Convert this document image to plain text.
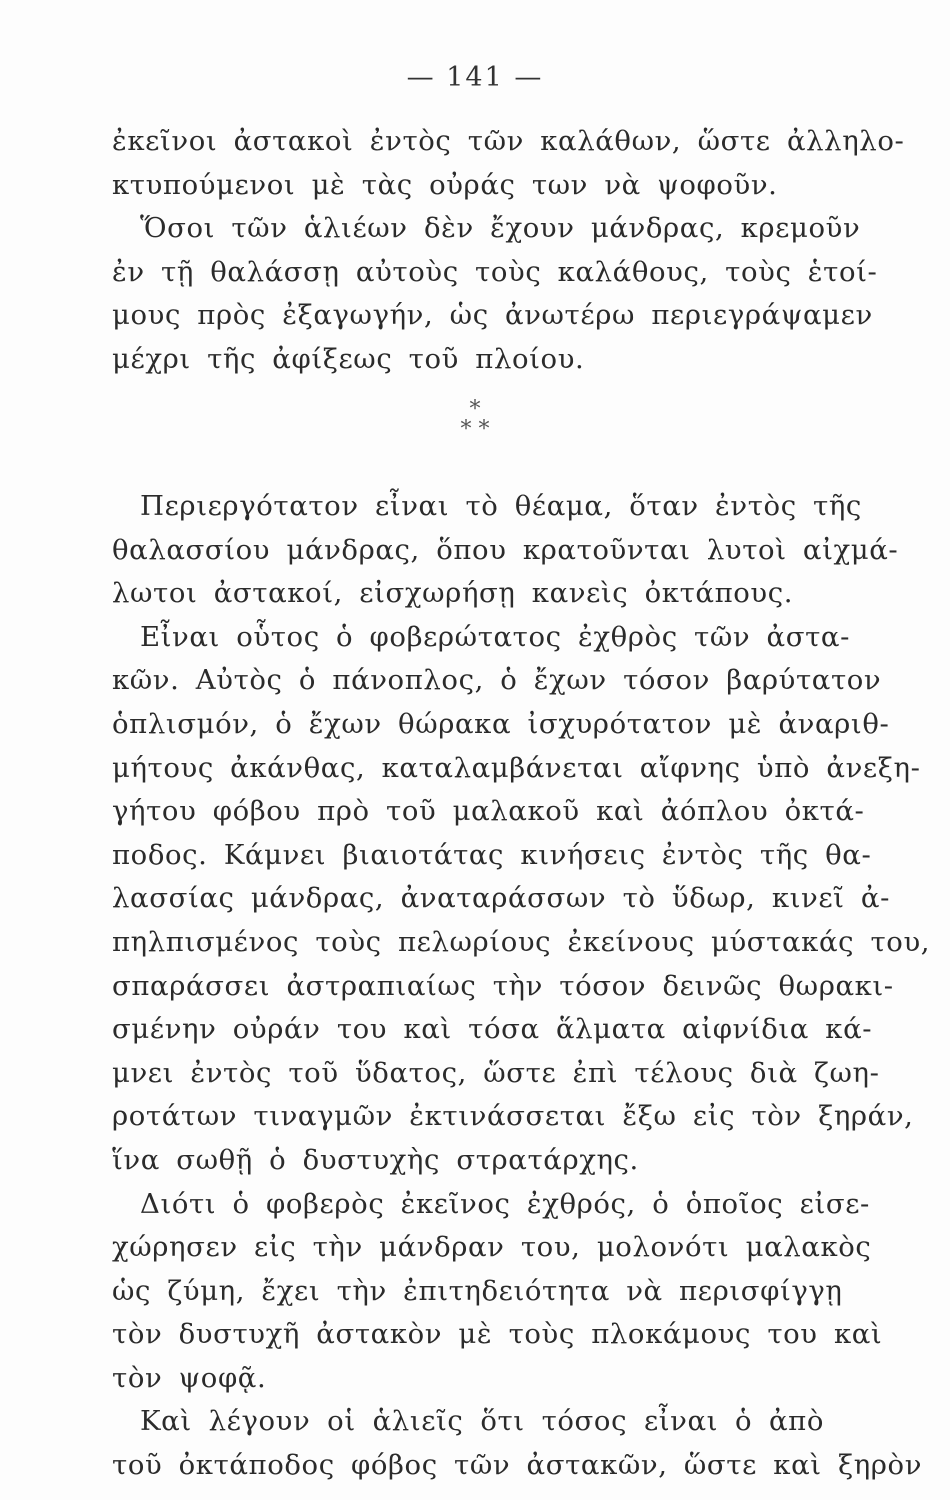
— 141 —
ἐκεῖνοι ἀστακοὶ ἐντὸς τῶν καλάθων, ὥστε ἀλληλο-
κτυπούμενοι μὲ τὰς οὐράς των νὰ ψοφοῦν.
Ὅσοι τῶν ἁλιέων δὲν ἔχουν μάνδρας, κρεμοῦν
ἐν τῇ θαλάσσῃ αὐτοὺς τοὺς καλάθους, τοὺς ἑτοί-
μους πρὸς ἐξαγωγήν, ὡς ἀνωτέρω περιεγράψαμεν
μέχρι τῆς ἀφίξεως τοῦ πλοίου.
*
* *
Περιεργότατον εἶναι τὸ θέαμα, ὅταν ἐντὸς τῆς
θαλασσίου μάνδρας, ὅπου κρατοῦνται λυτοὶ αἰχμά-
λωτοι ἀστακοί, εἰσχωρήσῃ κανεὶς ὀκτάπους.
Εἶναι οὗτος ὁ φοβερώτατος ἐχθρὸς τῶν ἀστα-
κῶν. Αὐτὸς ὁ πάνοπλος, ὁ ἔχων τόσον βαρύτατον
ὁπλισμόν, ὁ ἔχων θώρακα ἰσχυρότατον μὲ ἀναριθ-
μήτους ἀκάνθας, καταλαμβάνεται αἴφνης ὑπὸ ἀνεξη-
γήτου φόβου πρὸ τοῦ μαλακοῦ καὶ ἀόπλου ὀκτά-
ποδος. Κάμνει βιαιοτάτας κινήσεις ἐντὸς τῆς θα-
λασσίας μάνδρας, ἀναταράσσων τὸ ὕδωρ, κινεῖ ἀ-
πηλπισμένος τοὺς πελωρίους ἐκείνους μύστακάς του,
σπαράσσει ἀστραπιαίως τὴν τόσον δεινῶς θωρακι-
σμένην οὐράν του καὶ τόσα ἅλματα αἰφνίδια κά-
μνει ἐντὸς τοῦ ὕδατος, ὥστε ἐπὶ τέλους διὰ ζωη-
ροτάτων τιναγμῶν ἐκτινάσσεται ἔξω εἰς τὸν ξηράν,
ἵνα σωθῇ ὁ δυστυχὴς στρατάρχης.
Διότι ὁ φοβερὸς ἐκεῖνος ἐχθρός, ὁ ὁποῖος εἰσε-
χώρησεν εἰς τὴν μάνδραν του, μολονότι μαλακὸς
ὡς ζύμη, ἔχει τὴν ἐπιτηδειότητα νὰ περισφίγγῃ
τὸν δυστυχῆ ἀστακὸν μὲ τοὺς πλοκάμους του καὶ
τὸν ψοφᾷ.
Καὶ λέγουν οἱ ἁλιεῖς ὅτι τόσος εἶναι ὁ ἀπὸ
τοῦ ὀκτάποδος φόβος τῶν ἀστακῶν, ὥστε καὶ ξηρὸν
